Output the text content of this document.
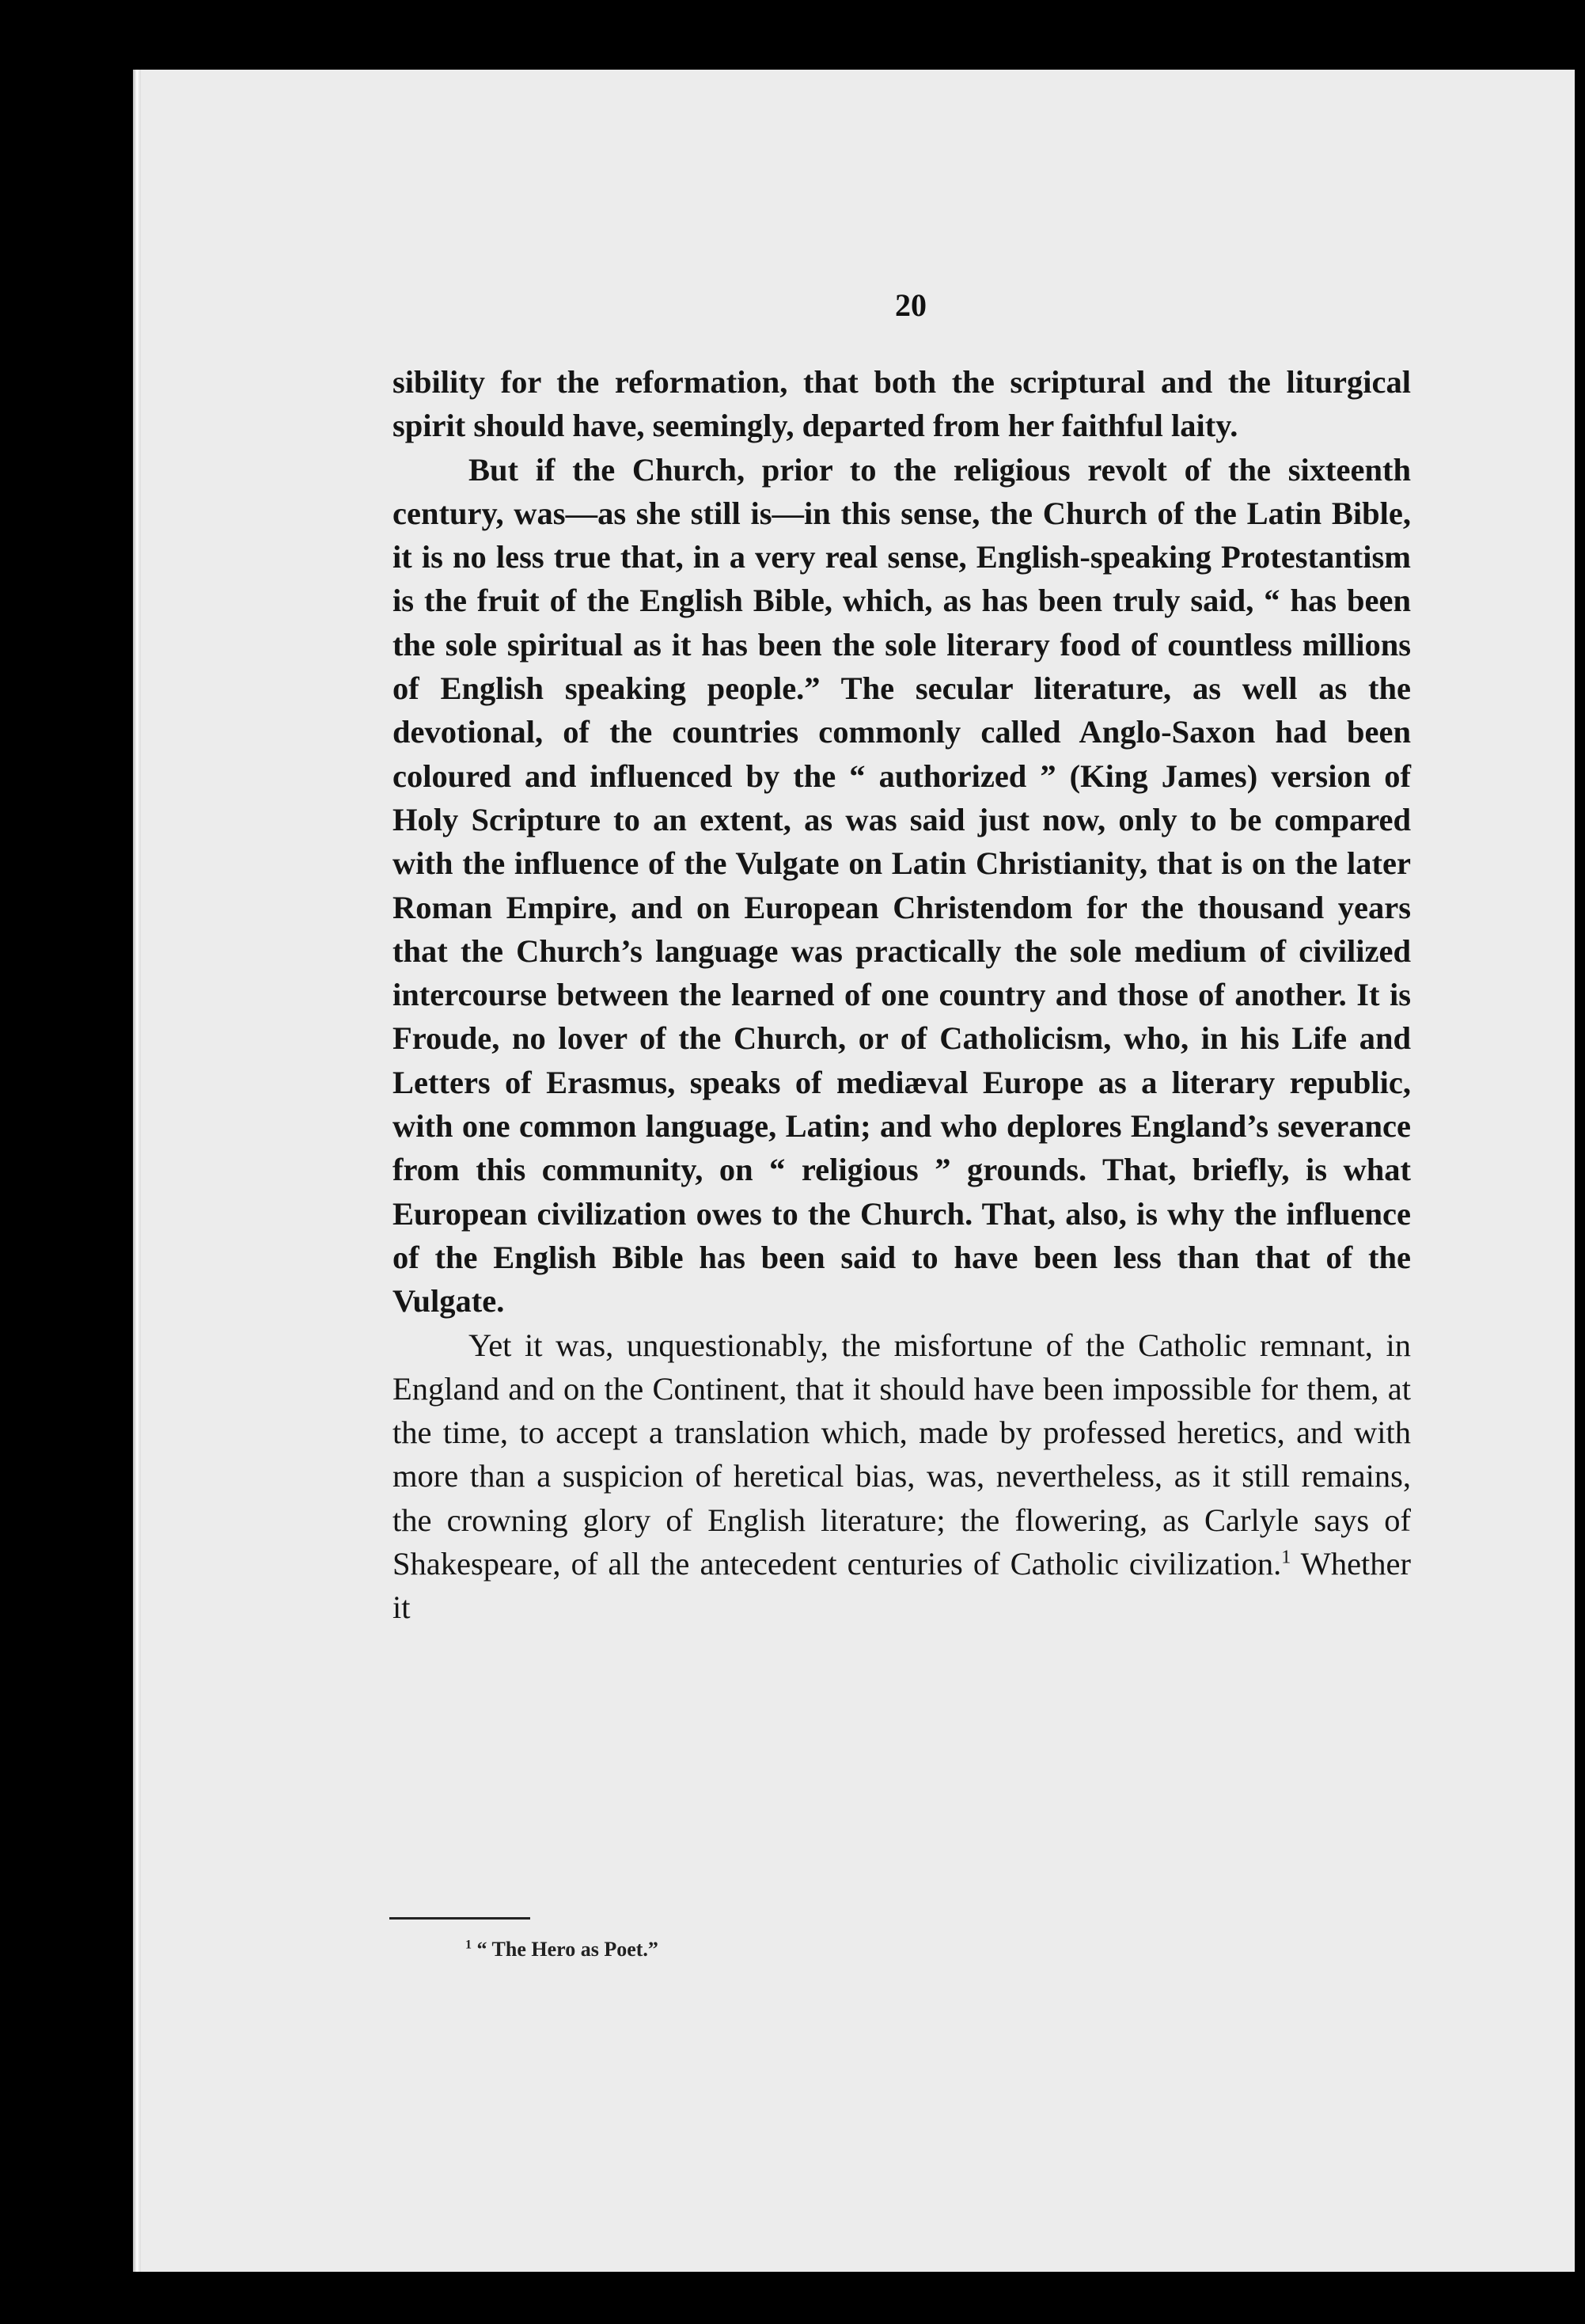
20

sibility for the reformation, that both the scriptural and the liturgical spirit should have, seemingly, departed from her faithful laity.

But if the Church, prior to the religious revolt of the sixteenth century, was—as she still is—in this sense, the Church of the Latin Bible, it is no less true that, in a very real sense, English-speaking Protestantism is the fruit of the English Bible, which, as has been truly said, “ has been the sole spiritual as it has been the sole literary food of countless millions of English speaking people.” The secular literature, as well as the devotional, of the countries commonly called Anglo-Saxon had been coloured and influenced by the “ authorized ” (King James) version of Holy Scripture to an extent, as was said just now, only to be compared with the influence of the Vulgate on Latin Christianity, that is on the later Roman Empire, and on European Christendom for the thousand years that the Church’s language was practically the sole medium of civilized intercourse between the learned of one country and those of another. It is Froude, no lover of the Church, or of Catholicism, who, in his Life and Letters of Erasmus, speaks of mediæval Europe as a literary republic, with one common language, Latin; and who deplores England’s severance from this community, on “ religious ” grounds. That, briefly, is what European civilization owes to the Church. That, also, is why the influence of the English Bible has been said to have been less than that of the Vulgate.

Yet it was, unquestionably, the misfortune of the Catholic remnant, in England and on the Continent, that it should have been impossible for them, at the time, to accept a translation which, made by professed heretics, and with more than a suspicion of heretical bias, was, nevertheless, as it still remains, the crowning glory of English literature; the flowering, as Carlyle says of Shakespeare, of all the antecedent centuries of Catholic civilization.$^1$ Whether it

$^1$ “ The Hero as Poet.”
